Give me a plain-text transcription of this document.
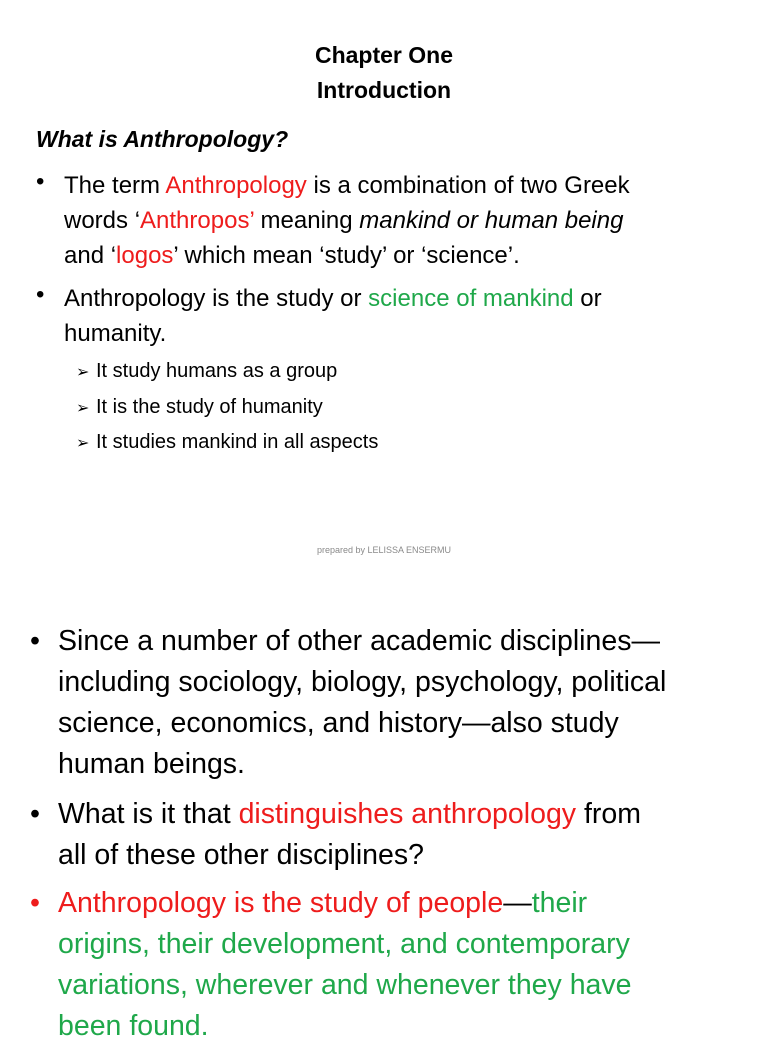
Chapter One
Introduction
What is Anthropology?
• The term Anthropology is a combination of two Greek
words ‘Anthropos’ meaning mankind or human being
and ‘logos’ which mean ‘study’ or ‘science’.
• Anthropology is the study or science of mankind or
humanity.
➢ It study humans as a group
➢ It is the study of humanity
➢ It studies mankind in all aspects
prepared by LELISSA ENSERMU
• Since a number of other academic disciplines—
including sociology, biology, psychology, political
science, economics, and history—also study
human beings.
• What is it that distinguishes anthropology from
all of these other disciplines?
• Anthropology is the study of people—their
origins, their development, and contemporary
variations, wherever and whenever they have
been found.
